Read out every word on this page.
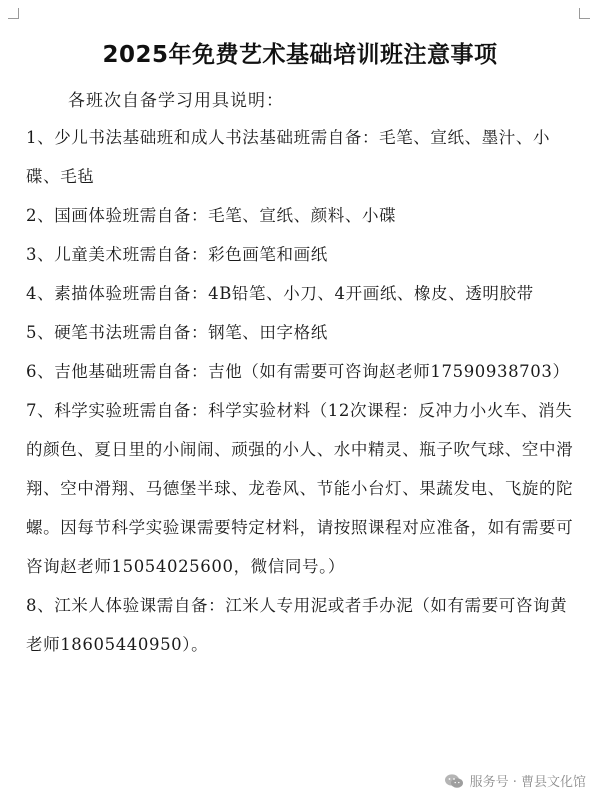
2025年免费艺术基础培训班注意事项
各班次自备学习用具说明：

1、少儿书法基础班和成人书法基础班需自备：毛笔、宣纸、墨汁、小碟、毛毡

2、国画体验班需自备：毛笔、宣纸、颜料、小碟

3、儿童美术班需自备：彩色画笔和画纸

4、素描体验班需自备：4B铅笔、小刀、4开画纸、橡皮、透明胶带

5、硬笔书法班需自备：钢笔、田字格纸

6、吉他基础班需自备：吉他（如有需要可咨询赵老师17590938703）

7、科学实验班需自备：科学实验材料（12次课程：反冲力小火车、消失的颜色、夏日里的小闹闹、顽强的小人、水中精灵、瓶子吹气球、空中滑翔、空中滑翔、马德堡半球、龙卷风、节能小台灯、果蔬发电、飞旋的陀螺。因每节科学实验课需要特定材料，请按照课程对应准备，如有需要可咨询赵老师15054025600，微信同号。）

8、江米人体验课需自备：江米人专用泥或者手办泥（如有需要可咨询黄老师18605440950）。

服务号 · 曹县文化馆
